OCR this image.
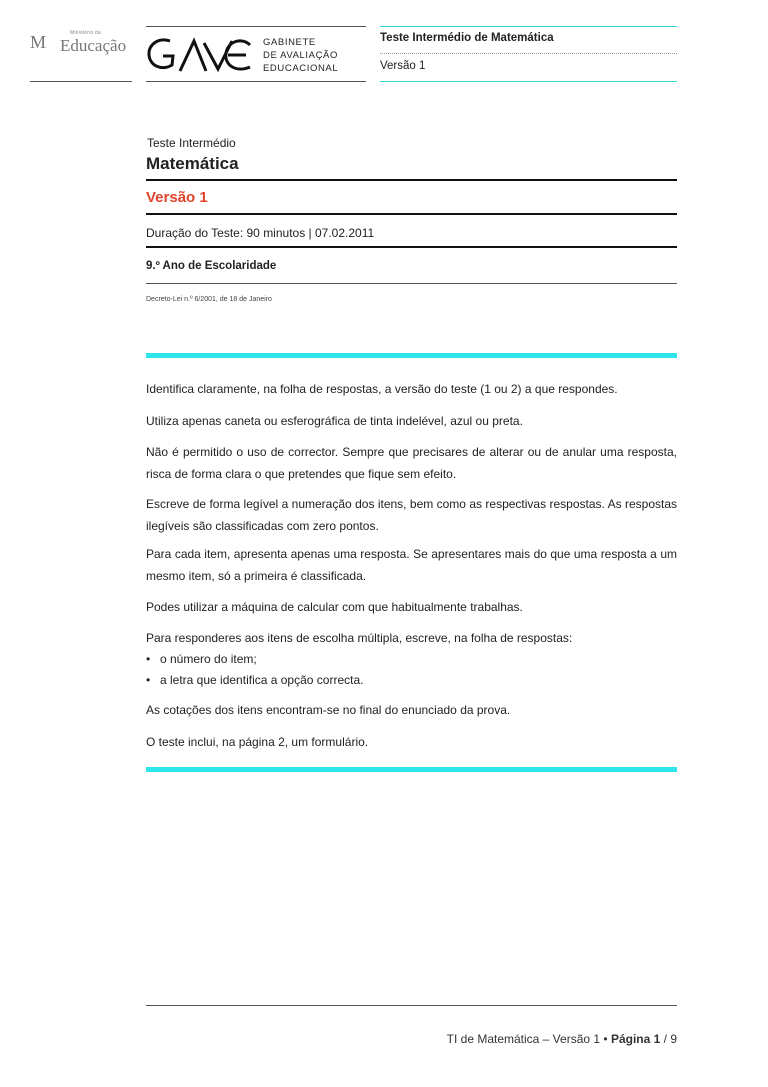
M	Ministério da
Educação	GABINETE
DE AVALIAÇÃO
EDUCACIONAL
Teste Intermédio de Matemática
Versão 1
Teste Intermédio
Matemática
Versão 1
Duração do Teste: 90 minutos | 07.02.2011
9.º Ano de Escolaridade
Decreto-Lei n.º 6/2001, de 18 de Janeiro

Identifica claramente, na folha de respostas, a versão do teste (1 ou 2) a que respondes.

Utiliza apenas caneta ou esferográfica de tinta indelével, azul ou preta.

Não é permitido o uso de corrector. Sempre que precisares de alterar ou de anular uma resposta, risca de forma clara o que pretendes que fique sem efeito.

Escreve de forma legível a numeração dos itens, bem como as respectivas respostas. As respostas ilegíveis são classificadas com zero pontos.

Para cada item, apresenta apenas uma resposta. Se apresentares mais do que uma resposta a um mesmo item, só a primeira é classificada.

Podes utilizar a máquina de calcular com que habitualmente trabalhas.

Para responderes aos itens de escolha múltipla, escreve, na folha de respostas:

• o número do item;
• a letra que identifica a opção correcta.

As cotações dos itens encontram-se no final do enunciado da prova.

O teste inclui, na página 2, um formulário.

TI de Matemática – Versão 1 • Página 1 / 9
